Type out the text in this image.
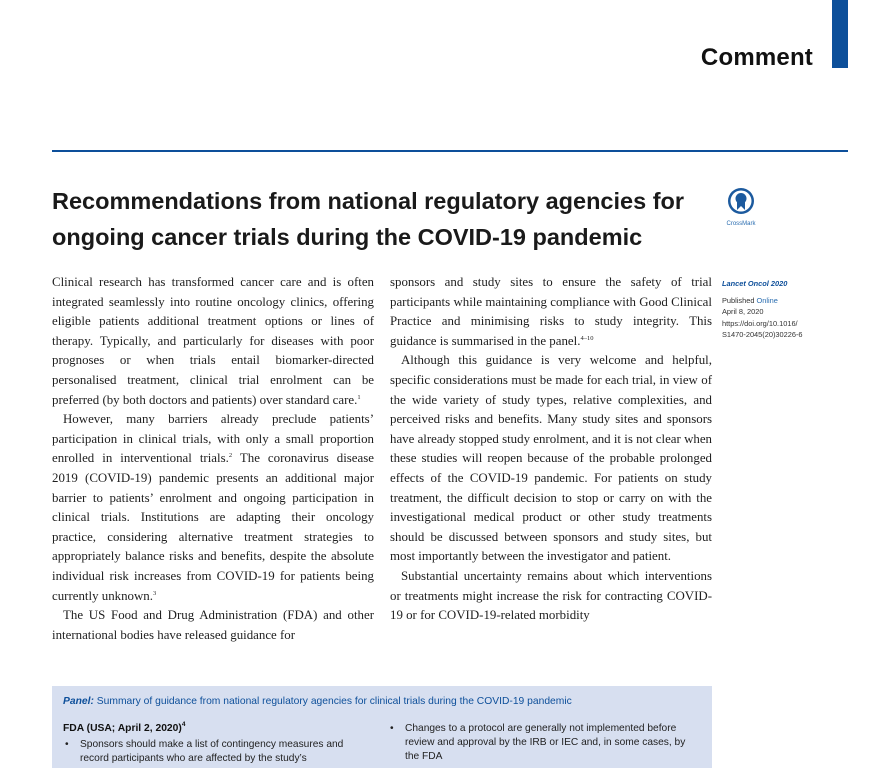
Comment
Recommendations from national regulatory agencies for ongoing cancer trials during the COVID-19 pandemic	CrossMark

Clinical research has transformed cancer care and is often integrated seamlessly into routine oncology clinics, offering eligible patients additional treatment options or lines of therapy. Typically, and particularly for diseases with poor prognoses or when trials entail biomarker-directed personalised treatment, clinical trial enrolment can be preferred (by both doctors and patients) over standard care.$^1$

However, many barriers already preclude patients’ participation in clinical trials, with only a small proportion enrolled in interventional trials.$^2$ The coronavirus disease 2019 (COVID-19) pandemic presents an additional major barrier to patients’ enrolment and ongoing participation in clinical trials. Institutions are adapting their oncology practice, considering alternative treatment strategies to appropriately balance risks and benefits, despite the absolute individual risk increases from COVID-19 for patients being currently unknown.$^3$

The US Food and Drug Administration (FDA) and other international bodies have released guidance for

sponsors and study sites to ensure the safety of trial participants while maintaining compliance with Good Clinical Practice and minimising risks to study integrity. This guidance is summarised in the panel.$^{4-10}$

Although this guidance is very welcome and helpful, specific considerations must be made for each trial, in view of the wide variety of study types, relative complexities, and perceived risks and benefits. Many study sites and sponsors have already stopped study enrolment, and it is not clear when these studies will reopen because of the probable prolonged effects of the COVID-19 pandemic. For patients on study treatment, the difficult decision to stop or carry on with the investigational medical product or other study treatments should be discussed between sponsors and study sites, but most importantly between the investigator and patient.

Substantial uncertainty remains about which interventions or treatments might increase the risk for contracting COVID-19 or for COVID-19-related morbidity

Lancet Oncol 2020
Published Online
April 8, 2020
https://doi.org/10.1016/
S1470-2045(20)30226-6

Panel: Summary of guidance from national regulatory agencies for clinical trials during the COVID-19 pandemic

FDA (USA; April 2, 2020)$^4$

• Sponsors should make a list of contingency measures and record participants who are affected by the study’s
• Changes to a protocol are generally not implemented before review and approval by the IRB or IEC and, in some cases, by the FDA
